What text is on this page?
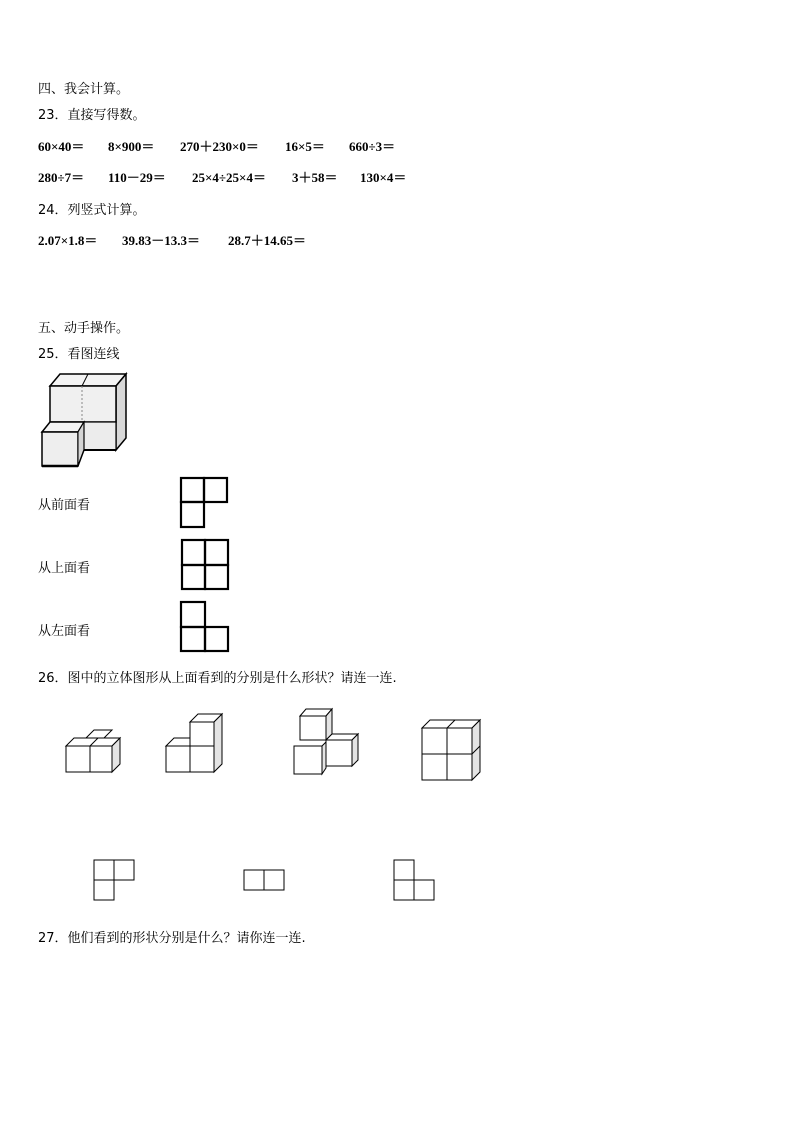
四、我会计算。
23．直接写得数。
60×40＝ 8×900＝ 270＋230×0＝ 16×5＝ 660÷3＝
280÷7＝ 110－29＝ 25×4÷25×4＝ 3＋58＝ 130×4＝
24．列竖式计算。
2.07×1.8＝ 39.83－13.3＝ 28.7＋14.65＝
五、动手操作。
25．看图连线
从前面看
从上面看
从左面看
26．图中的立体图形从上面看到的分别是什么形状？请连一连.
27．他们看到的形状分别是什么？请你连一连.
